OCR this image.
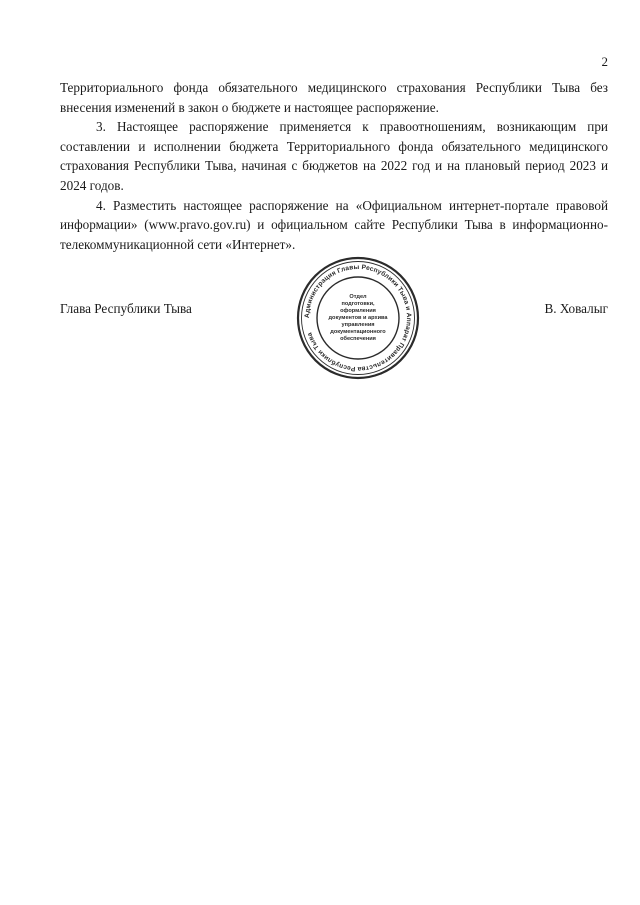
2

Территориального фонда обязательного медицинского страхования Республики Тыва без внесения изменений в закон о бюджете и настоящее распоряжение.

3. Настоящее распоряжение применяется к правоотношениям, возникающим при составлении и исполнении бюджета Территориального фонда обязательного медицинского страхования Республики Тыва, начиная с бюджетов на 2022 год и на плановый период 2023 и 2024 годов.

4. Разместить настоящее распоряжение на «Официальном интернет-портале правовой информации» (www.pravo.gov.ru) и официальном сайте Республики Тыва в информационно-телекоммуникационной сети «Интернет».

Глава Республики Тыва	В. Ховалыг
Администрация Главы Республики Тыва и Аппарат Правительства Республики Тыва
Отдел
подготовки,
оформления
документов и архива
управления
документационного
обеспечения
